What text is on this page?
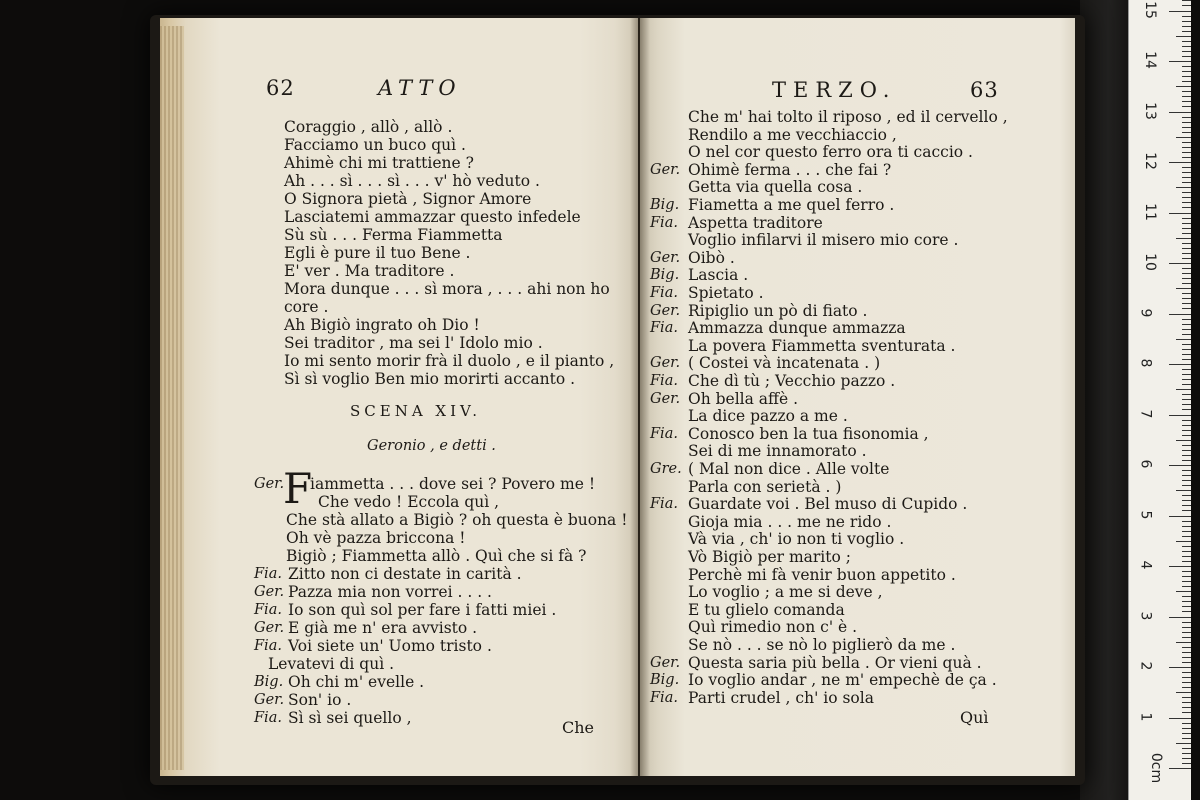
62	ATTO
Coraggio , allò , allò .
Facciamo un buco quì .
Ahimè chi mi trattiene ?
Ah . . . sì . . . sì . . . v' hò veduto .
O Signora pietà , Signor Amore
Lasciatemi ammazzar questo infedele
Sù sù . . . Ferma Fiammetta
Egli è pure il tuo Bene .
E' ver . Ma traditore .
Mora dunque . . . sì mora , . . . ahi non ho
core .
Ah Bigiò ingrato oh Dio !
Sei traditor , ma sei l' Idolo mio .
Io mi sento morir frà il duolo , e il pianto ,
Sì sì voglio Ben mio morirti accanto .
SCENA XIV.
Geronio , e detti .
F
Ger. iammetta . . . dove sei ? Povero me !
Che vedo ! Eccola quì ,
Che stà allato a Bigiò ? oh questa è buona !
Oh vè pazza briccona !
Bigiò ; Fiammetta allò . Quì che si fà ?
Fia. Zitto non ci destate in carità .
Ger. Pazza mia non vorrei . . . .
Fia. Io son quì sol per fare i fatti miei .
Ger. E già me n' era avvisto .
Fia. Voi siete un' Uomo tristo .
Levatevi di quì .
Big. Oh chi m' evelle .
Ger. Son' io .
Fia. Sì sì sei quello ,	Che
TERZO.	63
Che m' hai tolto il riposo , ed il cervello ,
Rendilo a me vecchiaccio ,
O nel cor questo ferro ora ti caccio .
Ger. Ohimè ferma . . . che fai ?
Getta via quella cosa .
Big. Fiametta a me quel ferro .
Fia. Aspetta traditore
Voglio infilarvi il misero mio core .
Ger. Oibò .
Big. Lascia .
Fia. Spietato .
Ger. Ripiglio un pò di fiato .
Fia. Ammazza dunque ammazza
La povera Fiammetta sventurata .
Ger. ( Costei và incatenata . )
Fia. Che dì tù ; Vecchio pazzo .
Ger. Oh bella affè .
La dice pazzo a me .
Fia. Conosco ben la tua fisonomia ,
Sei di me innamorato .
Gre. ( Mal non dice . Alle volte
Parla con serietà . )
Fia. Guardate voi . Bel muso di Cupido .
Gioja mia . . . me ne rido .
Và via , ch' io non ti voglio .
Vò Bigiò per marito ;
Perchè mi fà venir buon appetito .
Lo voglio ; a me si deve ,
E tu glielo comanda
Quì rimedio non c' è .
Se nò . . . se nò lo piglierò da me .
Ger. Questa saria più bella . Or vieni quà .
Big. Io voglio andar , ne m' empechè de ça .
Fia. Parti crudel , ch' io sola
Quì
0cm
1
2
3
4
5
6
7
8
9
10
11
12
13
14
15
